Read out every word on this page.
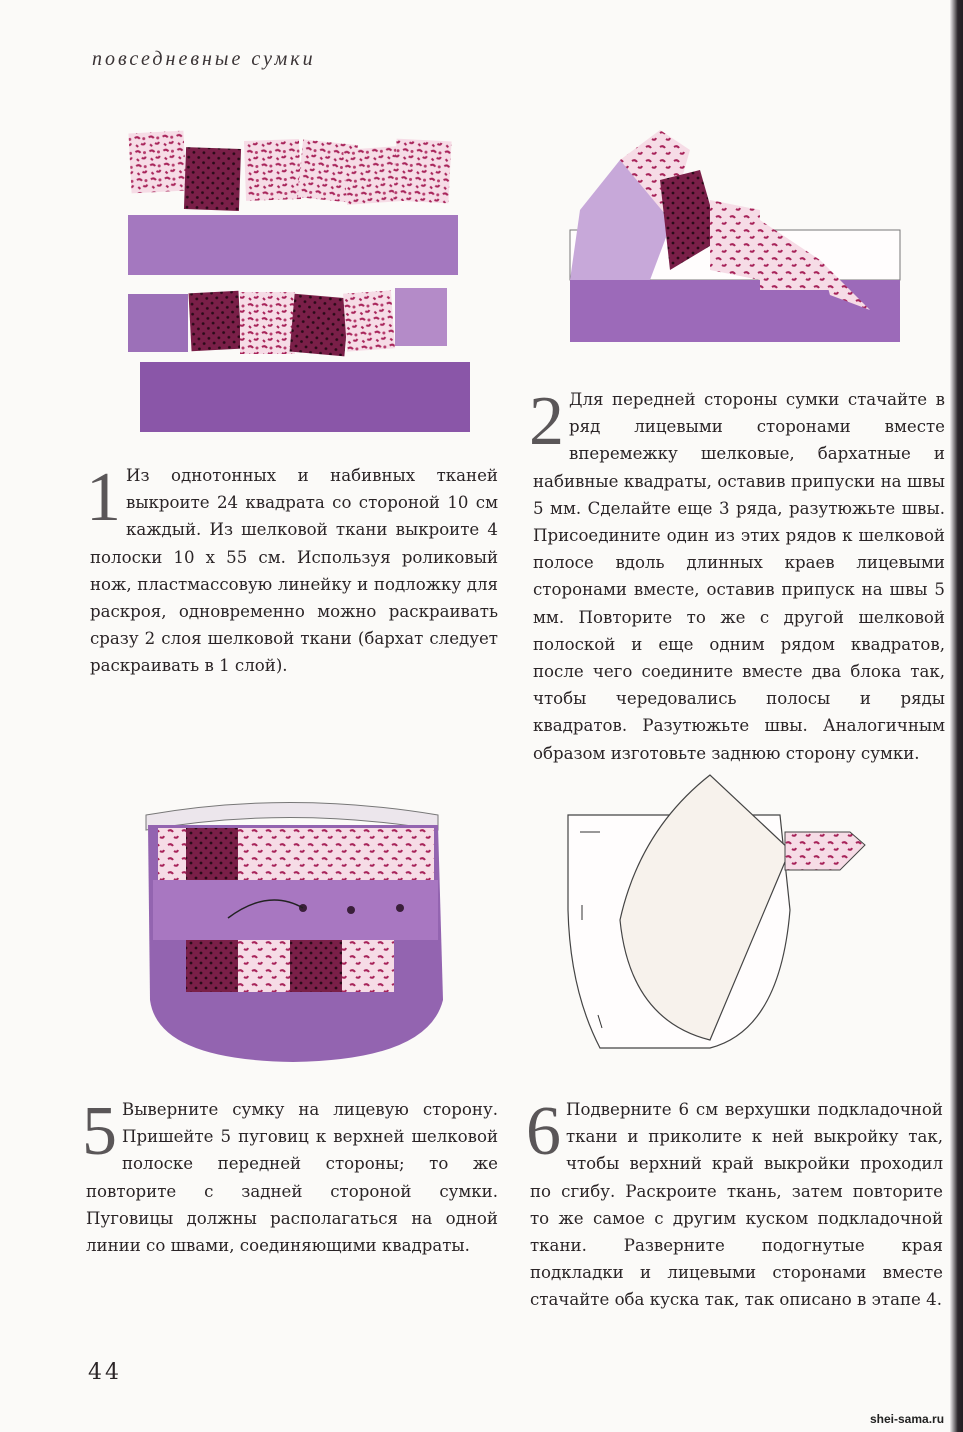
повседневные сумки
1 Из однотонных и набивных тканей выкроите 24 квадрата со стороной 10 см каждый. Из шелковой ткани выкроите 4 полоски 10 х 55 см. Используя роликовый нож, пластмассовую линейку и подложку для раскроя, одновременно можно раскраивать сразу 2 слоя шелковой ткани (бархат следует раскраивать в 1 слой).
2 Для передней стороны сумки стачайте в ряд лицевыми сторонами вместе вперемежку шелковые, бархатные и набивные квадраты, оставив припуски на швы 5 мм. Сделайте еще 3 ряда, разутюжьте швы. Присоедините один из этих рядов к шелковой полосе вдоль длинных краев лицевыми сторонами вместе, оставив припуск на швы 5 мм. Повторите то же с другой шелковой полоской и еще одним рядом квадратов, после чего соедините вместе два блока так, чтобы чередовались полосы и ряды квадратов. Разутюжьте швы. Аналогичным образом изготовьте заднюю сторону сумки.
5 Выверните сумку на лицевую сторону. Пришейте 5 пуговиц к верхней шелковой полоске передней стороны; то же повторите с задней стороной сумки. Пуговицы должны располагаться на одной линии со швами, соединяющими квадраты.
6 Подверните 6 см верхушки подкладочной ткани и приколите к ней выкройку так, чтобы верхний край выкройки проходил по сгибу. Раскроите ткань, затем повторите то же самое с другим куском подкладочной ткани. Разверните подогнутые края подкладки и лицевыми сторонами вместе стачайте оба куска так, так описано в этапе 4.
44
shei-sama.ru
